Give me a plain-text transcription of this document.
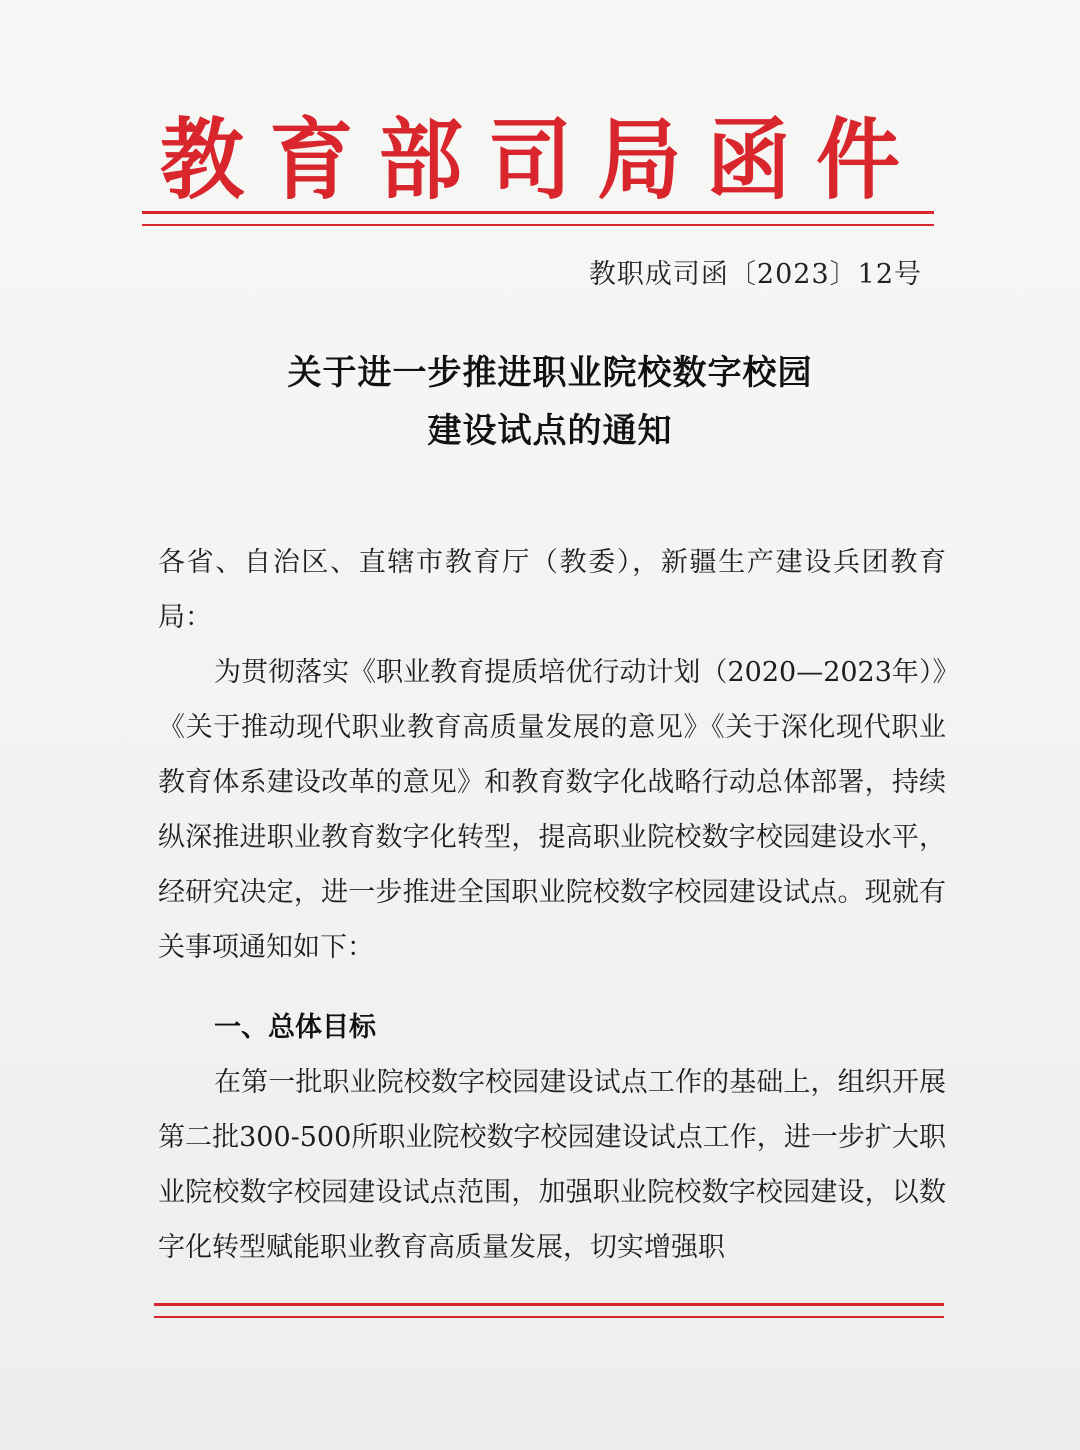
教 育 部 司 局 函 件
教职成司函〔2023〕12号
关于进一步推进职业院校数字校园
建设试点的通知

各省、自治区、直辖市教育厅（教委），新疆生产建设兵团教育局：

为贯彻落实《职业教育提质培优行动计划（2020—2023年）》《关于推动现代职业教育高质量发展的意见》《关于深化现代职业教育体系建设改革的意见》和教育数字化战略行动总体部署，持续纵深推进职业教育数字化转型，提高职业院校数字校园建设水平，经研究决定，进一步推进全国职业院校数字校园建设试点。现就有关事项通知如下：

一、总体目标

在第一批职业院校数字校园建设试点工作的基础上，组织开展第二批300-500所职业院校数字校园建设试点工作，进一步扩大职业院校数字校园建设试点范围，加强职业院校数字校园建设，以数字化转型赋能职业教育高质量发展，切实增强职
